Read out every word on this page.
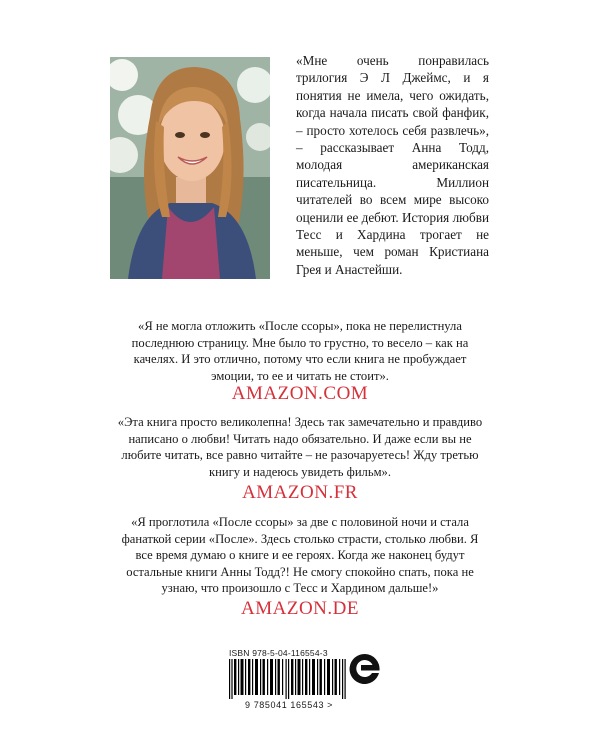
«Мне очень понравилась трилогия Э Л Джеймс, и я понятия не имела, чего ожидать, когда начала писать свой фанфик, – просто хотелось себя развлечь», – рассказывает Анна Тодд, молодая американская писательница. Миллион читателей во всем мире высоко оценили ее дебют. История любви Тесс и Хардина трогает не меньше, чем роман Кристиана Грея и Анастейши.
«Я не могла отложить «После ссоры», пока не перелистнула последнюю страницу. Мне было то грустно, то весело – как на качелях. И это отлично, потому что если книга не пробуждает эмоции, то ее и читать не стоит».
AMAZON.COM
«Эта книга просто великолепна! Здесь так замечательно и правдиво написано о любви! Читать надо обязательно. И даже если вы не любите читать, все равно читайте – не разочаруетесь! Жду третью книгу и надеюсь увидеть фильм».
AMAZON.FR
«Я проглотила «После ссоры» за две с половиной ночи и стала фанаткой серии «После». Здесь столько страсти, столько любви. Я все время думаю о книге и ее героях. Когда же наконец будут остальные книги Анны Тодд?! Не смогу спокойно спать, пока не узнаю, что произошло с Тесс и Хардином дальше!»
AMAZON.DE
ISBN 978-5-04-116554-3
9 785041 165543 >
